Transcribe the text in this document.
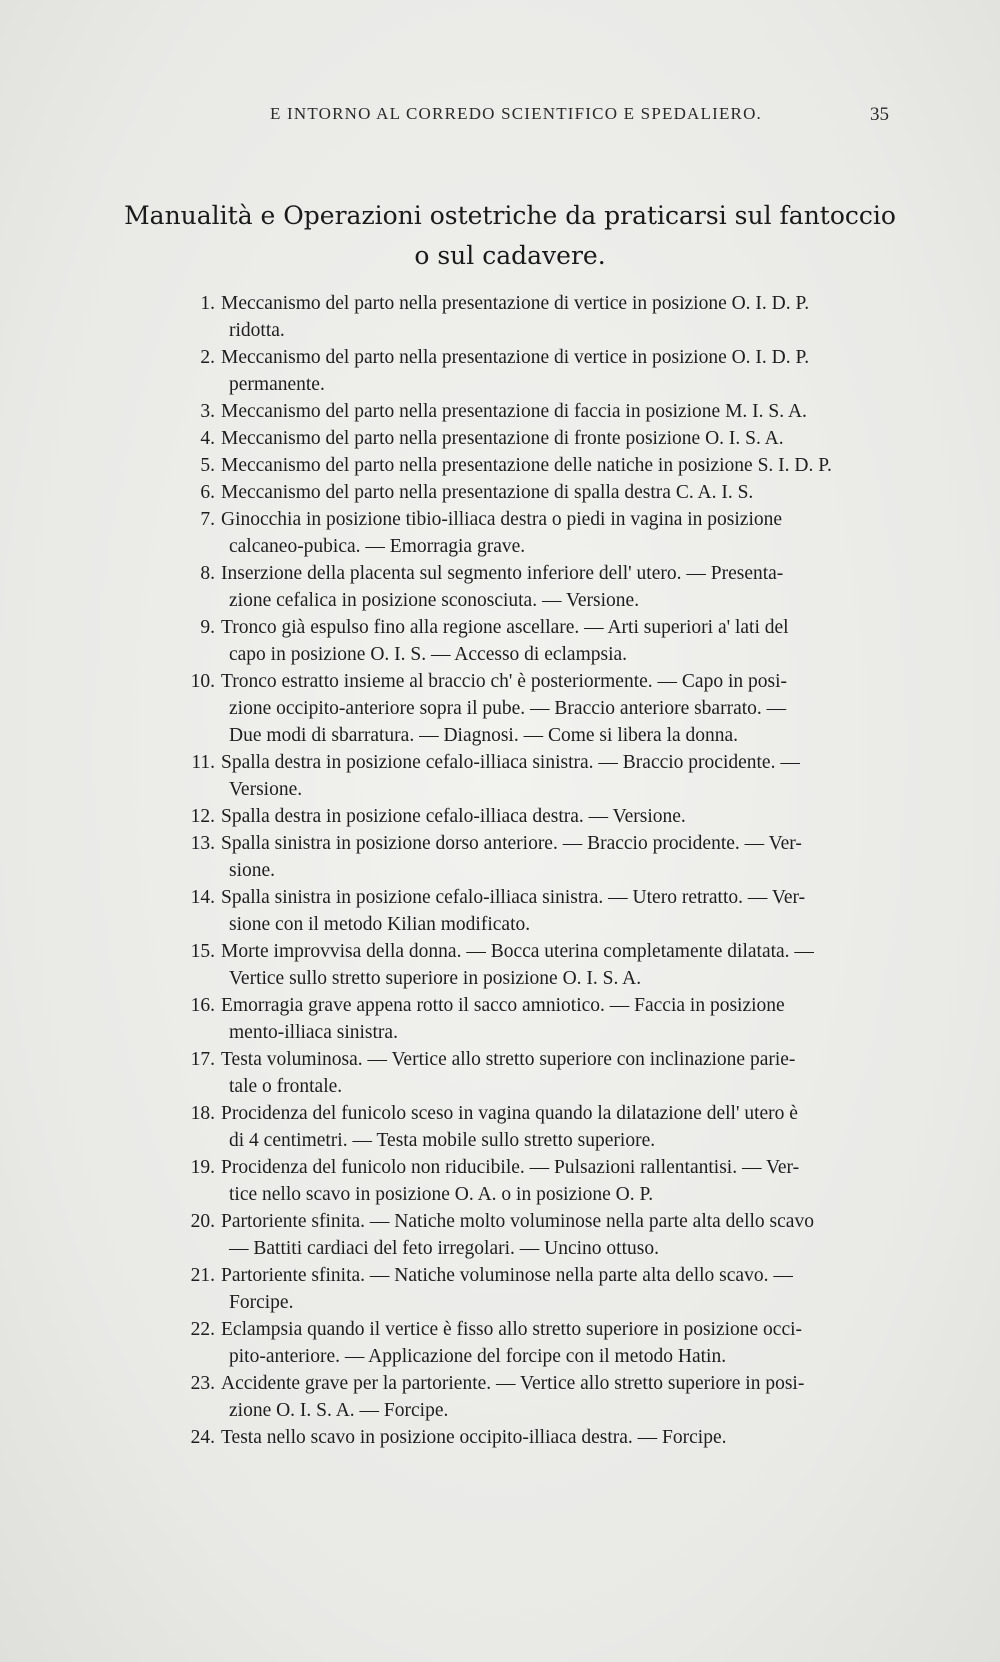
E INTORNO AL CORREDO SCIENTIFICO E SPEDALIERO.	35
Manualità e Operazioni ostetriche da praticarsi sul fantoccio
o sul cadavere.
1. Meccanismo del parto nella presentazione di vertice in posizione O. I. D. P.
ridotta.
2. Meccanismo del parto nella presentazione di vertice in posizione O. I. D. P.
permanente.
3. Meccanismo del parto nella presentazione di faccia in posizione M. I. S. A.
4. Meccanismo del parto nella presentazione di fronte posizione O. I. S. A.
5. Meccanismo del parto nella presentazione delle natiche in posizione S. I. D. P.
6. Meccanismo del parto nella presentazione di spalla destra C. A. I. S.
7. Ginocchia in posizione tibio-illiaca destra o piedi in vagina in posizione
calcaneo-pubica. — Emorragia grave.
8. Inserzione della placenta sul segmento inferiore dell' utero. — Presenta-
zione cefalica in posizione sconosciuta. — Versione.
9. Tronco già espulso fino alla regione ascellare. — Arti superiori a' lati del
capo in posizione O. I. S. — Accesso di eclampsia.
10. Tronco estratto insieme al braccio ch' è posteriormente. — Capo in posi-
zione occipito-anteriore sopra il pube. — Braccio anteriore sbarrato. —
Due modi di sbarratura. — Diagnosi. — Come si libera la donna.
11. Spalla destra in posizione cefalo-illiaca sinistra. — Braccio procidente. —
Versione.
12. Spalla destra in posizione cefalo-illiaca destra. — Versione.
13. Spalla sinistra in posizione dorso anteriore. — Braccio procidente. — Ver-
sione.
14. Spalla sinistra in posizione cefalo-illiaca sinistra. — Utero retratto. — Ver-
sione con il metodo Kilian modificato.
15. Morte improvvisa della donna. — Bocca uterina completamente dilatata. —
Vertice sullo stretto superiore in posizione O. I. S. A.
16. Emorragia grave appena rotto il sacco amniotico. — Faccia in posizione
mento-illiaca sinistra.
17. Testa voluminosa. — Vertice allo stretto superiore con inclinazione parie-
tale o frontale.
18. Procidenza del funicolo sceso in vagina quando la dilatazione dell' utero è
di 4 centimetri. — Testa mobile sullo stretto superiore.
19. Procidenza del funicolo non riducibile. — Pulsazioni rallentantisi. — Ver-
tice nello scavo in posizione O. A. o in posizione O. P.
20. Partoriente sfinita. — Natiche molto voluminose nella parte alta dello scavo
— Battiti cardiaci del feto irregolari. — Uncino ottuso.
21. Partoriente sfinita. — Natiche voluminose nella parte alta dello scavo. —
Forcipe.
22. Eclampsia quando il vertice è fisso allo stretto superiore in posizione occi-
pito-anteriore. — Applicazione del forcipe con il metodo Hatin.
23. Accidente grave per la partoriente. — Vertice allo stretto superiore in posi-
zione O. I. S. A. — Forcipe.
24. Testa nello scavo in posizione occipito-illiaca destra. — Forcipe.
